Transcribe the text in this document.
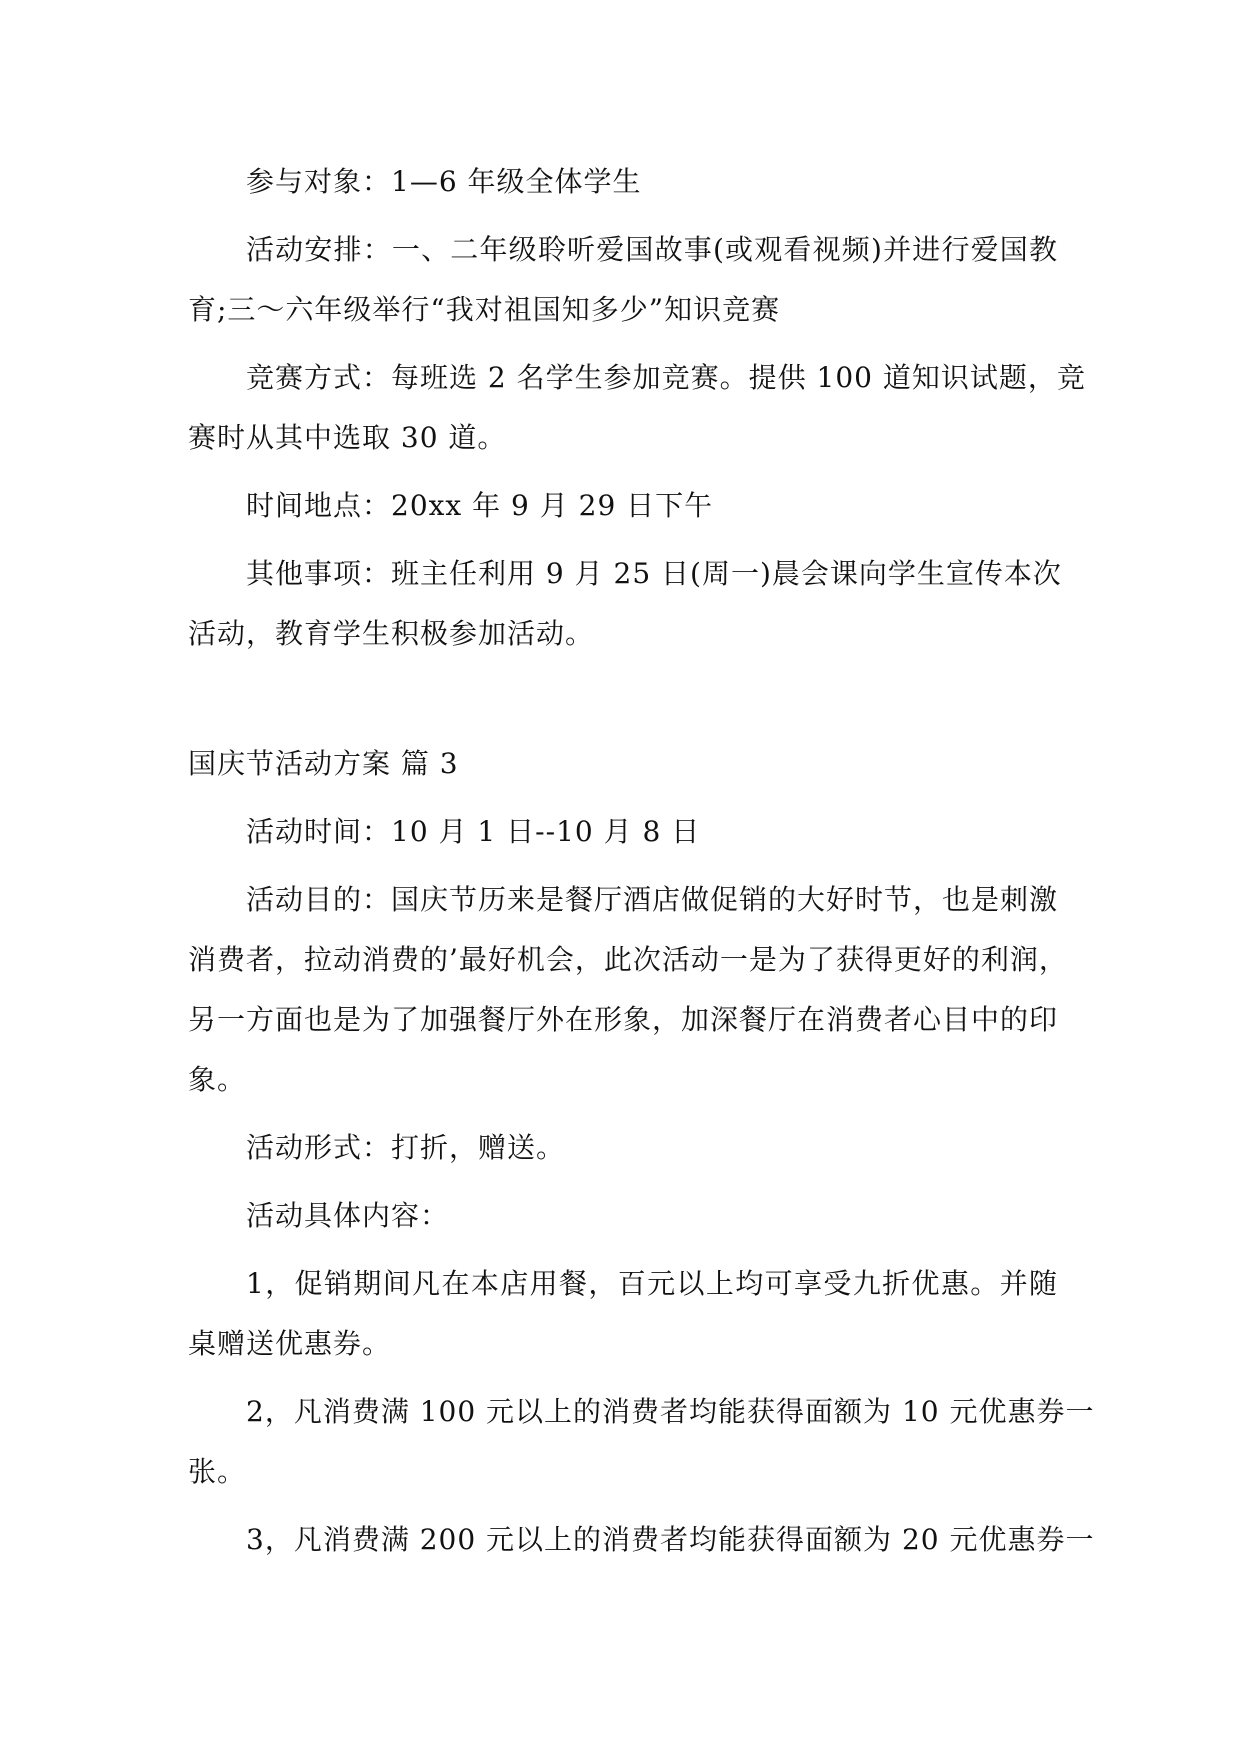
参与对象：1—6 年级全体学生
活动安排：一、二年级聆听爱国故事(或观看视频)并进行爱国教
育;三～六年级举行“我对祖国知多少”知识竞赛
竞赛方式：每班选 2 名学生参加竞赛。提供 100 道知识试题，竞
赛时从其中选取 30 道。
时间地点：20xx 年 9 月 29 日下午
其他事项：班主任利用 9 月 25 日(周一)晨会课向学生宣传本次
活动，教育学生积极参加活动。
国庆节活动方案 篇 3
活动时间：10 月 1 日--10 月 8 日
活动目的：国庆节历来是餐厅酒店做促销的大好时节，也是刺激
消费者，拉动消费的’最好机会，此次活动一是为了获得更好的利润，
另一方面也是为了加强餐厅外在形象，加深餐厅在消费者心目中的印
象。
活动形式：打折，赠送。
活动具体内容：
1，促销期间凡在本店用餐，百元以上均可享受九折优惠。并随
桌赠送优惠券。
2，凡消费满 100 元以上的消费者均能获得面额为 10 元优惠券一
张。
3，凡消费满 200 元以上的消费者均能获得面额为 20 元优惠券一
